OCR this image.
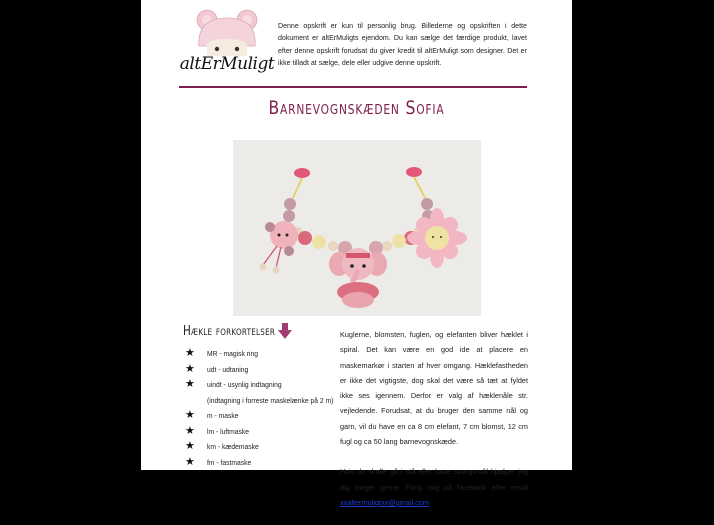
altErMuligt
Denne opskrift er kun til personlig brug. Billederne og opskriften i dette dokument er altErMuligts ejendom. Du kan sælge det færdige produkt, lavet efter denne opskrift forudsat du giver kredit til altErMuligt som designer. Det er ikke tilladt at sælge, dele eller udgive denne opskrift.
Barnevognskæden Sofia
Hækle forkortelser
★ MR - magisk ring
★ udt - udtaning
★ uindt - usynlig indtagning
(indtagning i forreste maskelænke på 2 m)
★ m - maske
★ lm - luftmaske
★ km - kædemaske
★ fm - fastmaske

Kuglerne, blomsten, fuglen, og elefanten bliver hæklet i spiral. Det kan være en god ide at placere en maskemarkør i starten af hver omgang. Hæklefastheden er ikke det vigtigste, dog skal det være så tæt at fyldet ikke ses igennem. Derfor er valg af hæklenåle str. vejledende. Forudsat, at du bruger den samme nål og garn, vil du have en ca 8 cm elefant, 7 cm blomst, 12 cm fugl og ca 50 lang barnevognskæde.

Hvis du skulle gå i stå eller have spørgsmål hjælper jeg dig meget gerne. Fang mig på facebook eller email xxaltermuligtxx@gmail.com
